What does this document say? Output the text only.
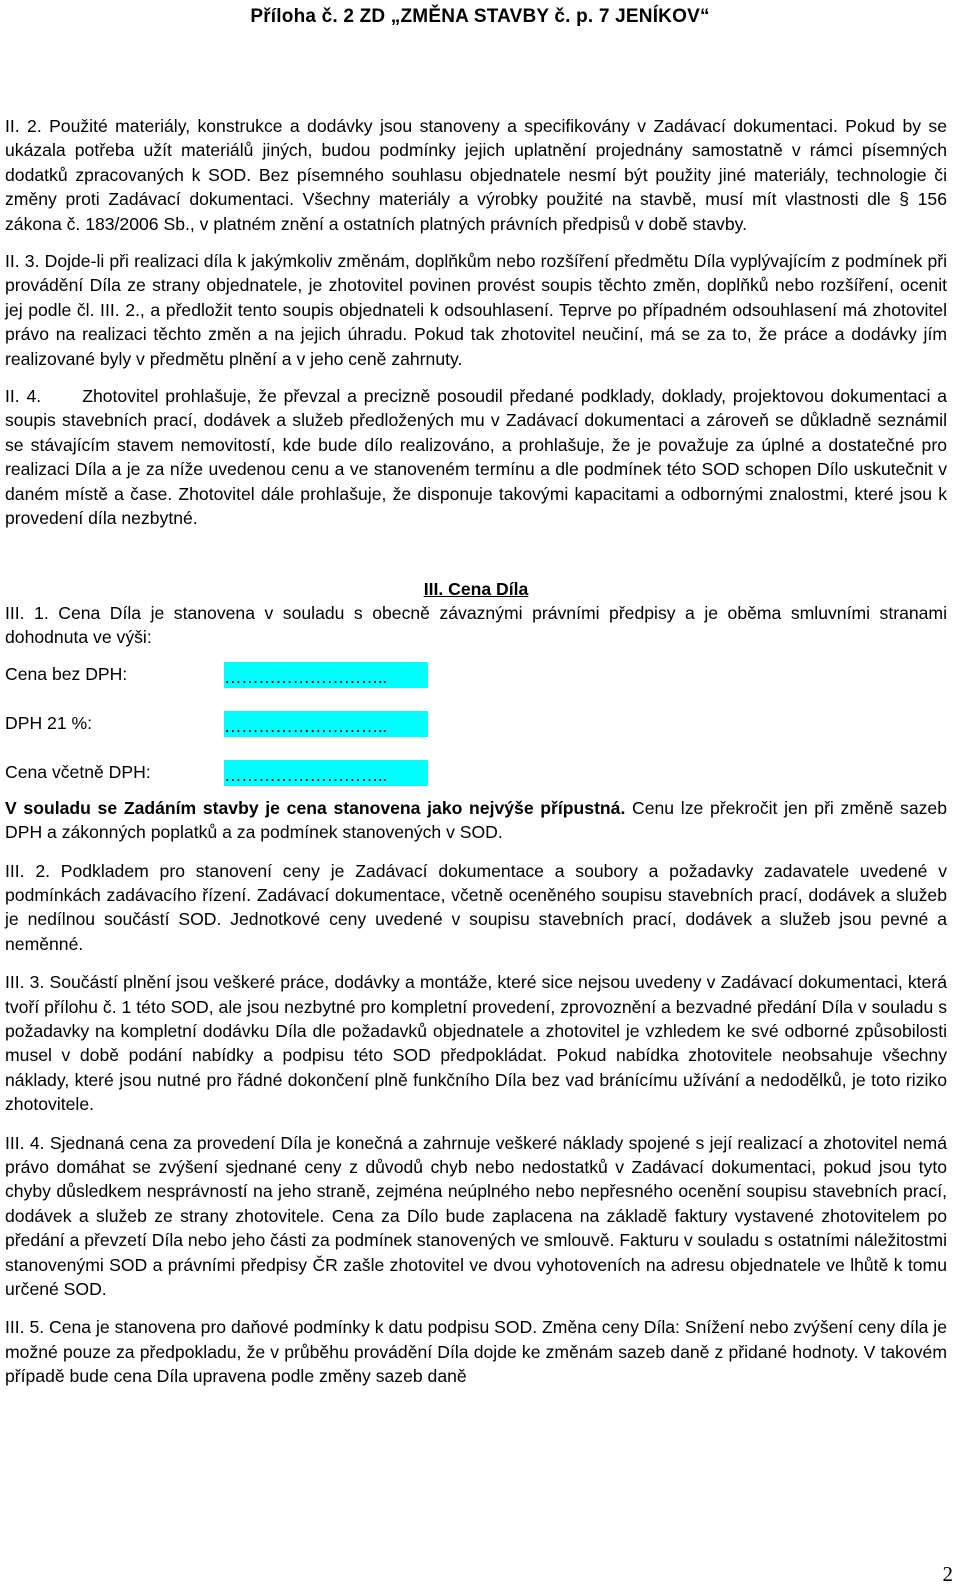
Příloha č. 2 ZD „ZMĚNA STAVBY č. p. 7 JENÍKOV“

II. 2. Použité materiály, konstrukce a dodávky jsou stanoveny a specifikovány v Zadávací dokumentaci. Pokud by se ukázala potřeba užít materiálů jiných, budou podmínky jejich uplatnění projednány samostatně v rámci písemných dodatků zpracovaných k SOD. Bez písemného souhlasu objednatele nesmí být použity jiné materiály, technologie či změny proti Zadávací dokumentaci. Všechny materiály a výrobky použité na stavbě, musí mít vlastnosti dle § 156 zákona č. 183/2006 Sb., v platném znění a ostatních platných právních předpisů v době stavby.

II. 3. Dojde-li při realizaci díla k jakýmkoliv změnám, doplňkům nebo rozšíření předmětu Díla vyplývajícím z podmínek při provádění Díla ze strany objednatele, je zhotovitel povinen provést soupis těchto změn, doplňků nebo rozšíření, ocenit jej podle čl. III. 2., a předložit tento soupis objednateli k odsouhlasení. Teprve po případném odsouhlasení má zhotovitel právo na realizaci těchto změn a na jejich úhradu. Pokud tak zhotovitel neučiní, má se za to, že práce a dodávky jím realizované byly v předmětu plnění a v jeho ceně zahrnuty.

II. 4.      Zhotovitel prohlašuje, že převzal a precizně posoudil předané podklady, doklady, projektovou dokumentaci a soupis stavebních prací, dodávek a služeb předložených mu v Zadávací dokumentaci a zároveň se důkladně seznámil se stávajícím stavem nemovitostí, kde bude dílo realizováno, a prohlašuje, že je považuje za úplné a dostatečné pro realizaci Díla a je za níže uvedenou cenu a ve stanoveném termínu a dle podmínek této SOD schopen Dílo uskutečnit v daném místě a čase. Zhotovitel dále prohlašuje, že disponuje takovými kapacitami a odbornými znalostmi, které jsou k provedení díla nezbytné.

III. Cena Díla

III. 1. Cena Díla je stanovena v souladu s obecně závaznými právními předpisy a je oběma smluvními stranami dohodnuta ve výši:

Cena bez DPH:	………………………..
DPH 21 %:	………………………..
Cena včetně DPH:	………………………..

V souladu se Zadáním stavby je cena stanovena jako nejvýše přípustná. Cenu lze překročit jen při změně sazeb DPH a zákonných poplatků a za podmínek stanovených v SOD.

III. 2. Podkladem pro stanovení ceny je Zadávací dokumentace a soubory a požadavky zadavatele uvedené v podmínkách zadávacího řízení. Zadávací dokumentace, včetně oceněného soupisu stavebních prací, dodávek a služeb je nedílnou součástí SOD. Jednotkové ceny uvedené v soupisu stavebních prací, dodávek a služeb jsou pevné a neměnné.

III. 3. Součástí plnění jsou veškeré práce, dodávky a montáže, které sice nejsou uvedeny v Zadávací dokumentaci, která tvoří přílohu č. 1 této SOD, ale jsou nezbytné pro kompletní provedení, zprovoznění a bezvadné předání Díla v souladu s požadavky na kompletní dodávku Díla dle požadavků objednatele a zhotovitel je vzhledem ke své odborné způsobilosti musel v době podání nabídky a podpisu této SOD předpokládat. Pokud nabídka zhotovitele neobsahuje všechny náklady, které jsou nutné pro řádné dokončení plně funkčního Díla bez vad bránícímu užívání a nedodělků, je toto riziko zhotovitele.

III. 4. Sjednaná cena za provedení Díla je konečná a zahrnuje veškeré náklady spojené s její realizací a zhotovitel nemá právo domáhat se zvýšení sjednané ceny z důvodů chyb nebo nedostatků v Zadávací dokumentaci, pokud jsou tyto chyby důsledkem nesprávností na jeho straně, zejména neúplného nebo nepřesného ocenění soupisu stavebních prací, dodávek a služeb ze strany zhotovitele. Cena za Dílo bude zaplacena na základě faktury vystavené zhotovitelem po předání a převzetí Díla nebo jeho části za podmínek stanovených ve smlouvě. Fakturu v souladu s ostatními náležitostmi stanovenými SOD a právními předpisy ČR zašle zhotovitel ve dvou vyhotoveních na adresu objednatele ve lhůtě k tomu určené SOD.

III. 5. Cena je stanovena pro daňové podmínky k datu podpisu SOD. Změna ceny Díla: Snížení nebo zvýšení ceny díla je možné pouze za předpokladu, že v průběhu provádění Díla dojde ke změnám sazeb daně z přidané hodnoty. V takovém případě bude cena Díla upravena podle změny sazeb daně

2
